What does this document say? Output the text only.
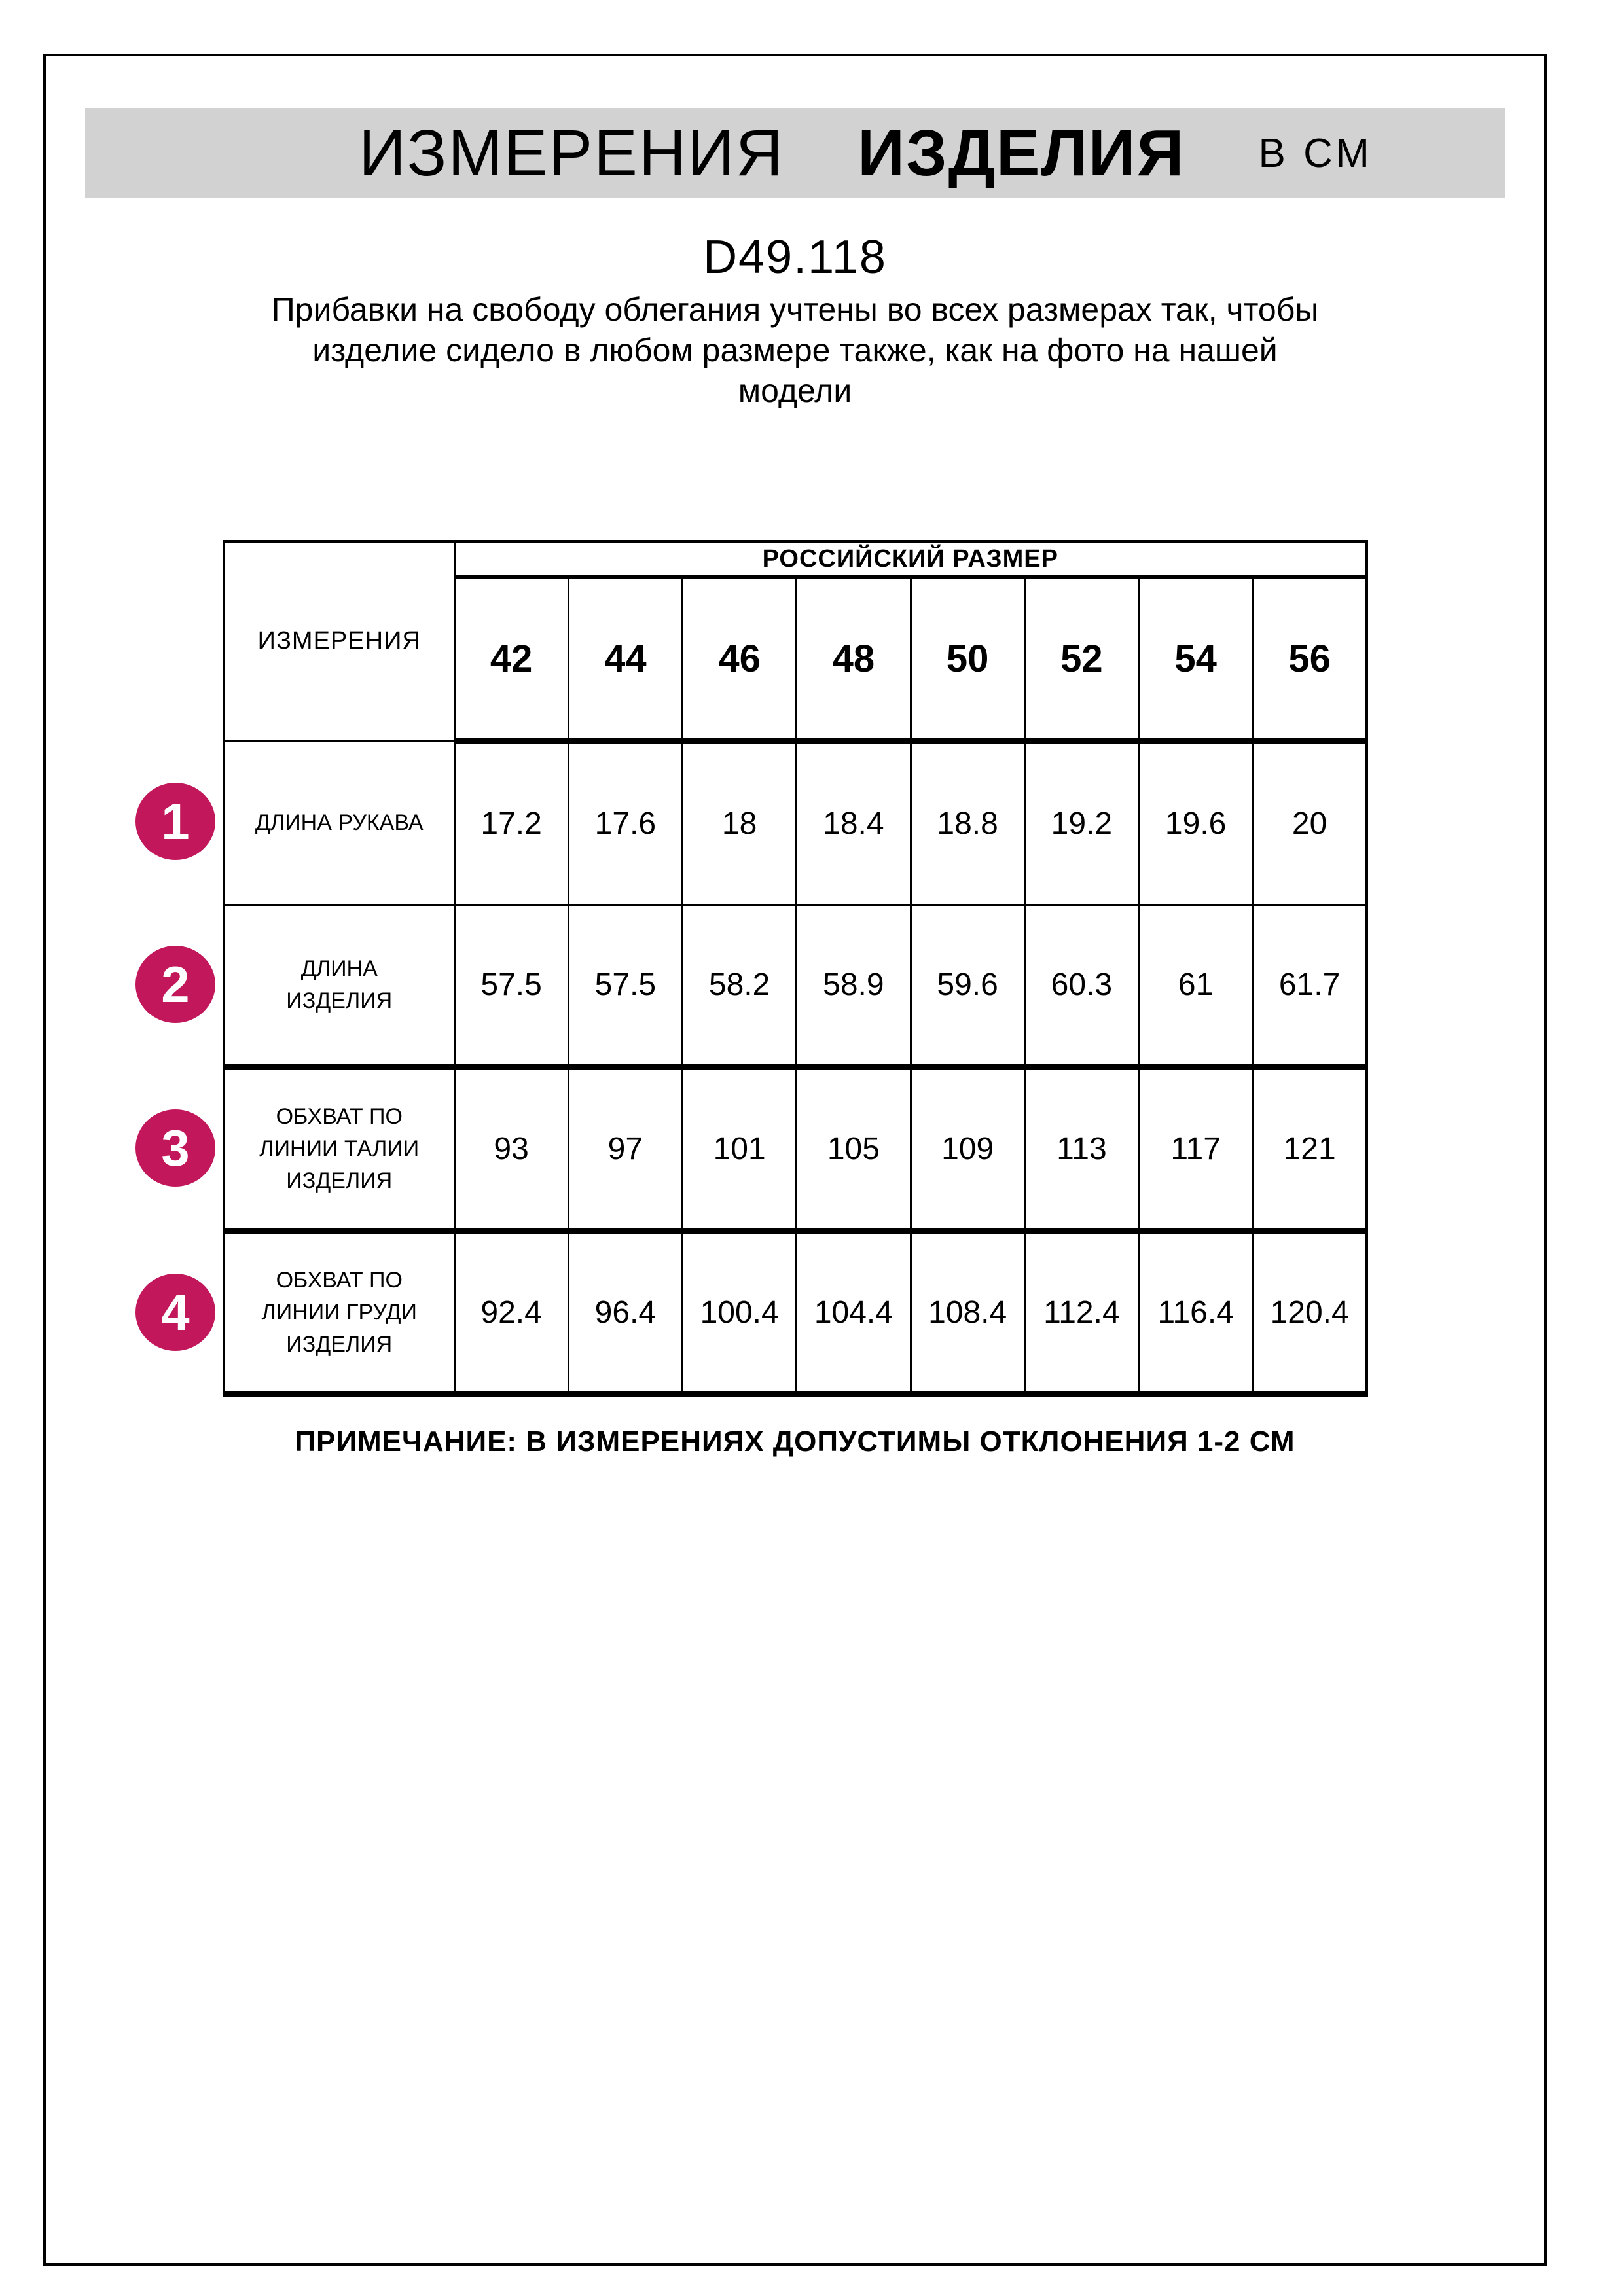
ИЗМЕРЕНИЯ ИЗДЕЛИЯ В СМ
D49.118
Прибавки на свободу облегания учтены во всех размерах так, чтобы
изделие сидело в любом размере также, как на фото на нашей
модели
ИЗМЕРЕНИЯ	РОССИЙСКИЙ РАЗМЕР							
	42	44	46	48	50	52	54	56

ДЛИНА РУКАВА	17.2	17.6	18	18.4	18.8	19.2	19.6	20

ДЛИНА
ИЗДЕЛИЯ	57.5	57.5	58.2	58.9	59.6	60.3	61	61.7

ОБХВАТ ПО
ЛИНИИ ТАЛИИ
ИЗДЕЛИЯ	93	97	101	105	109	113	117	121

ОБХВАТ ПО
ЛИНИИ ГРУДИ
ИЗДЕЛИЯ	92.4	96.4	100.4	104.4	108.4	112.4	116.4	120.4
1
2
3
4
ПРИМЕЧАНИЕ: В ИЗМЕРЕНИЯХ ДОПУСТИМЫ ОТКЛОНЕНИЯ 1-2 СМ
